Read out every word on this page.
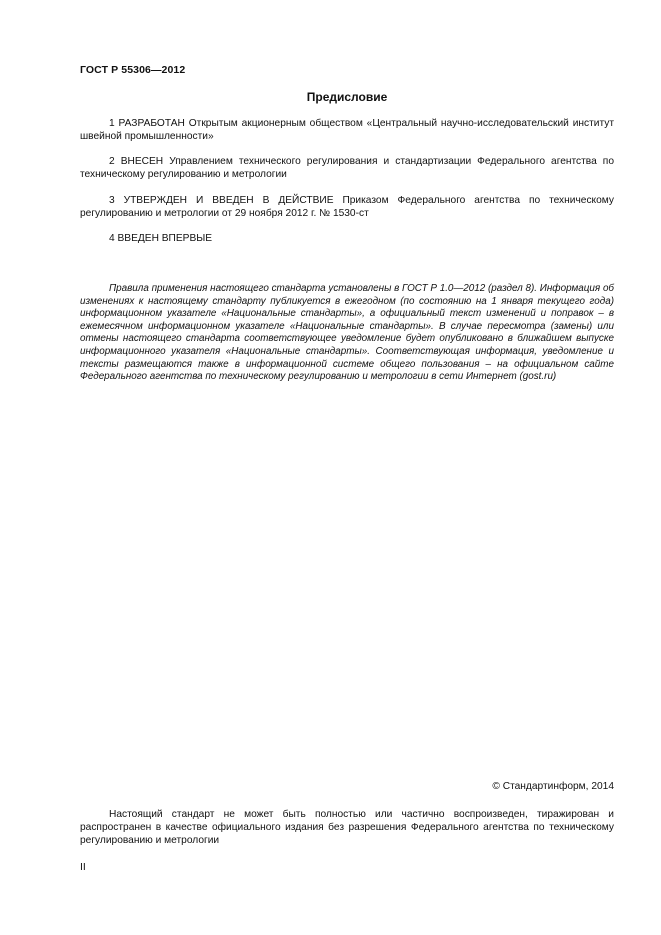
ГОСТ Р 55306—2012
Предисловие

1 РАЗРАБОТАН Открытым акционерным обществом «Центральный научно-исследовательский институт швейной промышленности»

2 ВНЕСЕН Управлением технического регулирования и стандартизации Федерального агентства по техническому регулированию и метрологии

3 УТВЕРЖДЕН И ВВЕДЕН В ДЕЙСТВИЕ Приказом Федерального агентства по техническому регулированию и метрологии от 29 ноября 2012 г. № 1530-ст

4 ВВЕДЕН ВПЕРВЫЕ

Правила применения настоящего стандарта установлены в ГОСТ Р 1.0—2012 (раздел 8). Информация об изменениях к настоящему стандарту публикуется в ежегодном (по состоянию на 1 января текущего года) информационном указателе «Национальные стандарты», а официальный текст изменений и поправок – в ежемесячном информационном указателе «Национальные стандарты». В случае пересмотра (замены) или отмены настоящего стандарта соответствующее уведомление будет опубликовано в ближайшем выпуске информационного указателя «Национальные стандарты». Соответствующая информация, уведомление и тексты размещаются также в информационной системе общего пользования – на официальном сайте Федерального агентства по техническому регулированию и метрологии в сети Интернет (gost.ru)

© Стандартинформ, 2014

Настоящий стандарт не может быть полностью или частично воспроизведен, тиражирован и распространен в качестве официального издания без разрешения Федерального агентства по техническому регулированию и метрологии

II
